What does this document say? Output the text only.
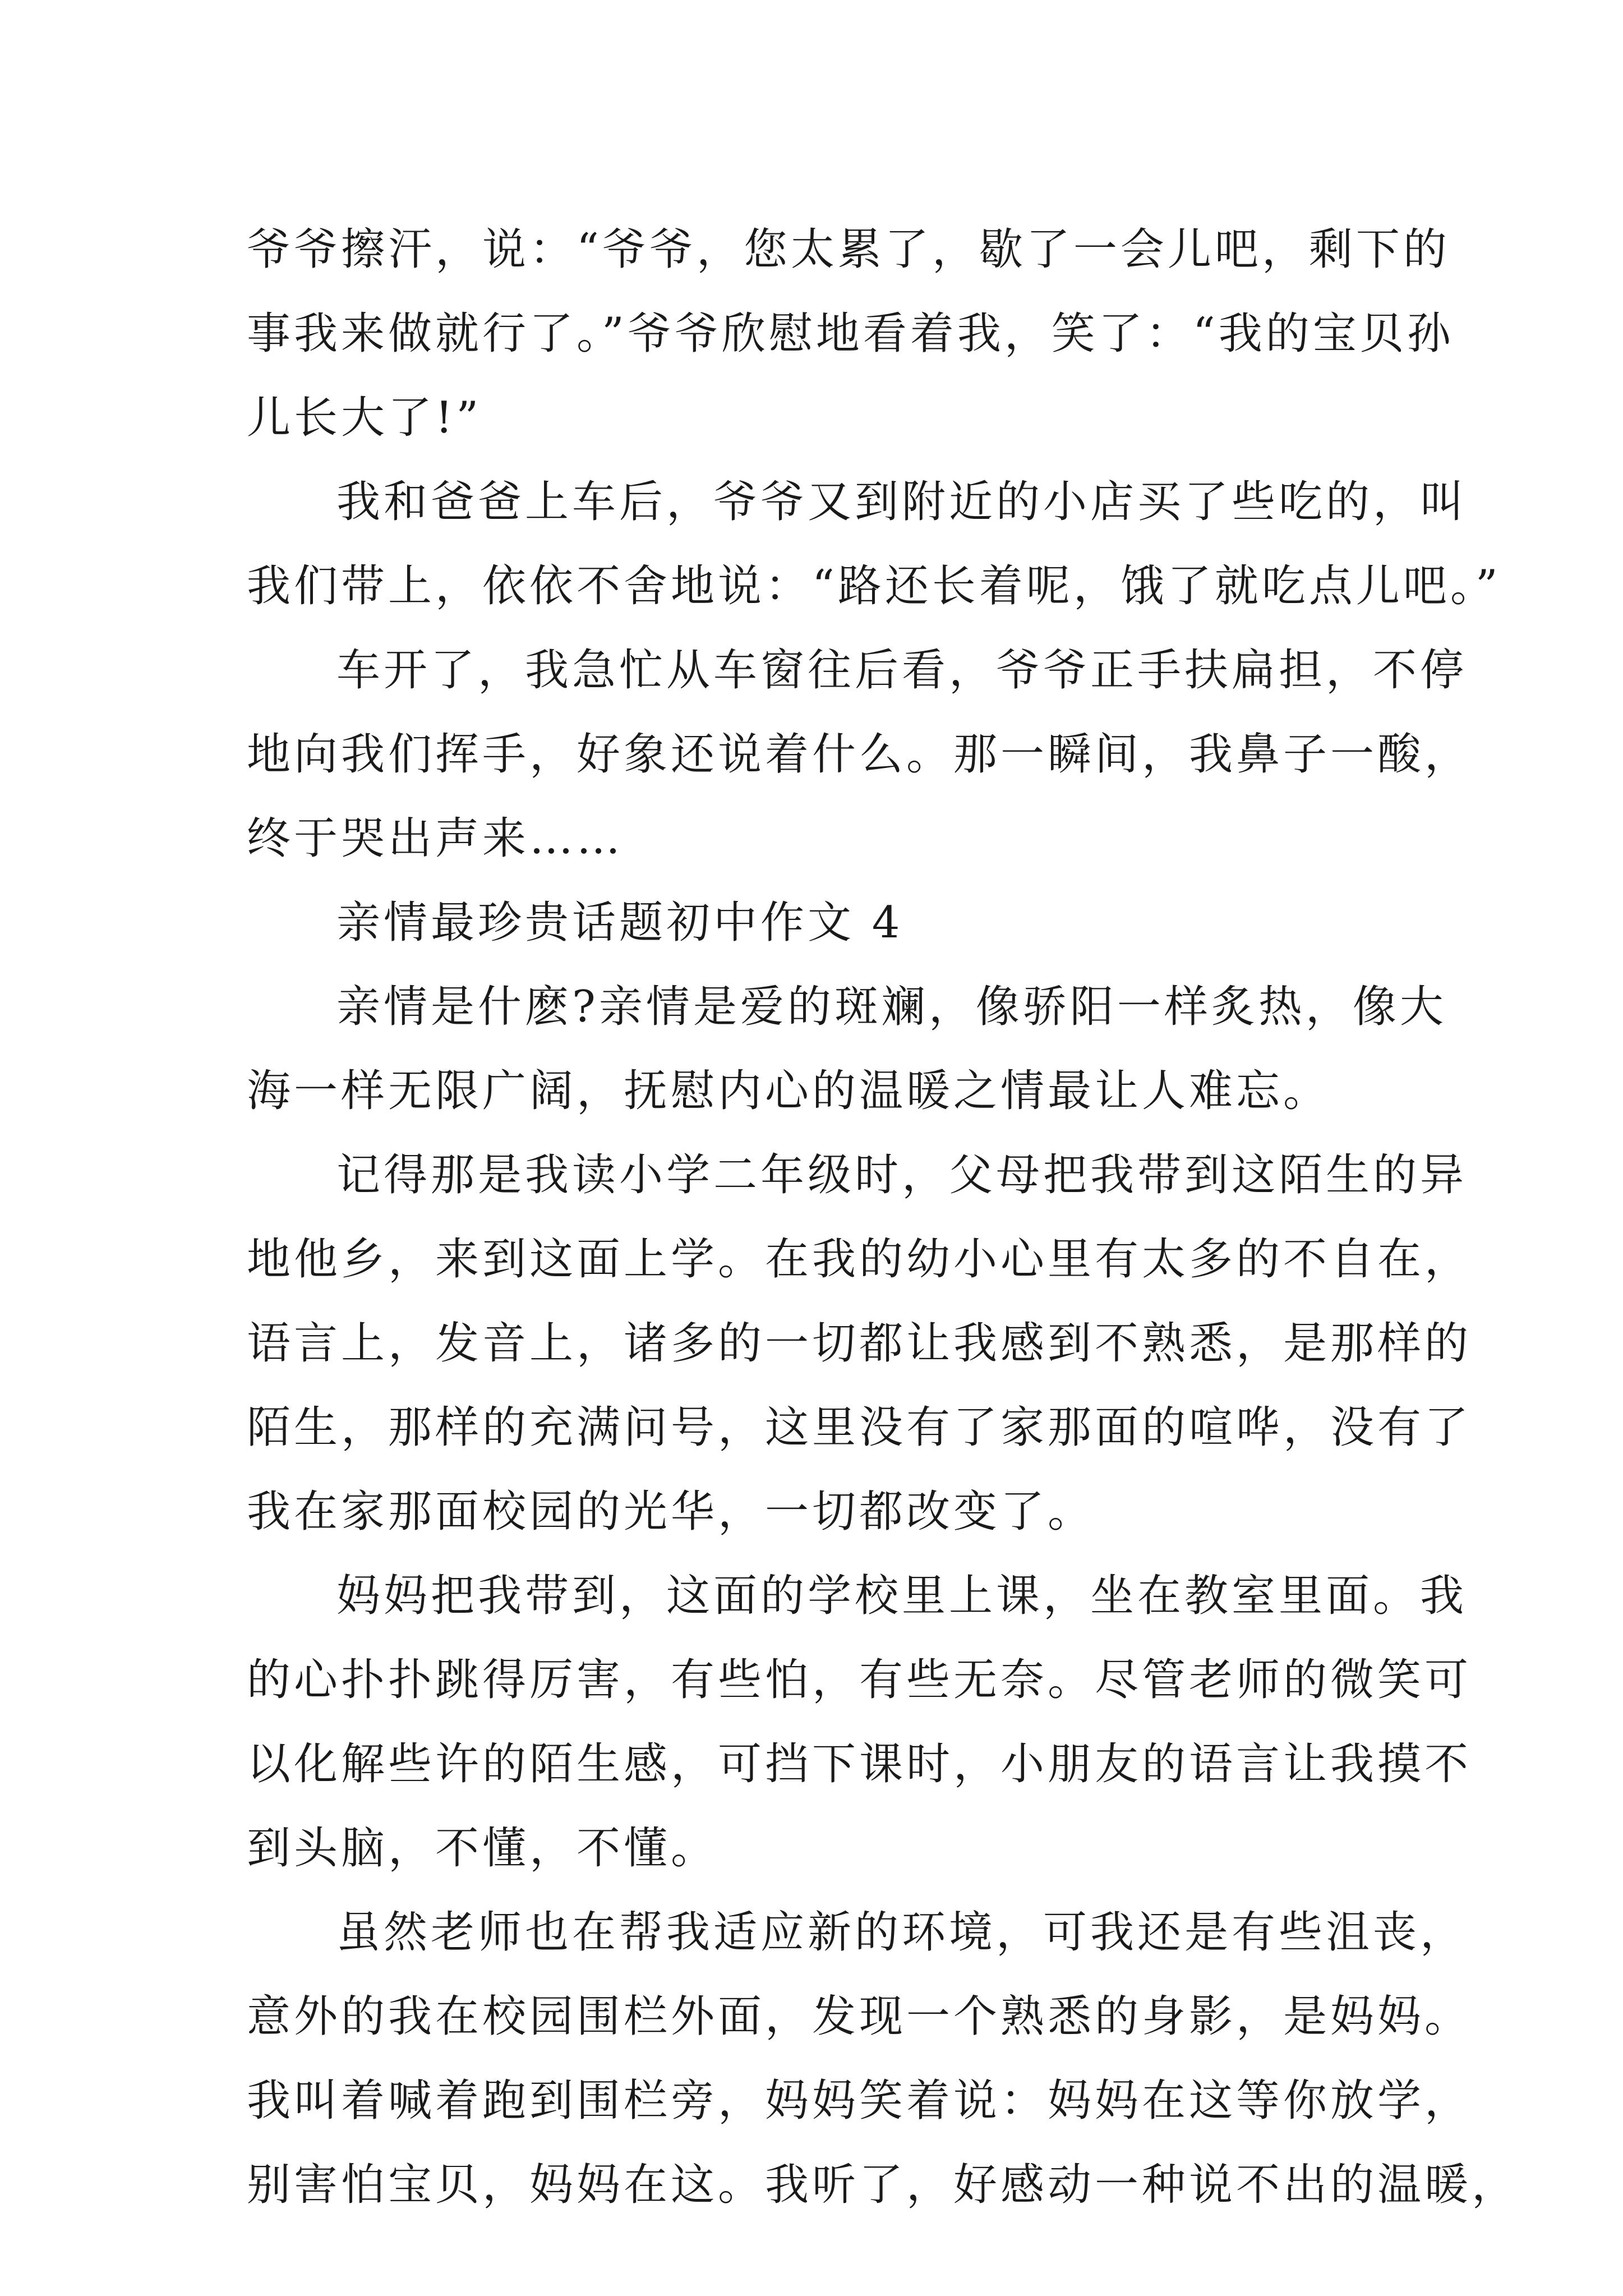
爷爷擦汗，说：“爷爷，您太累了，歇了一会儿吧，剩下的
事我来做就行了。”爷爷欣慰地看着我，笑了：“我的宝贝孙
儿长大了!”
我和爸爸上车后，爷爷又到附近的小店买了些吃的，叫
我们带上，依依不舍地说：“路还长着呢，饿了就吃点儿吧。”
车开了，我急忙从车窗往后看，爷爷正手扶扁担，不停
地向我们挥手，好象还说着什么。那一瞬间，我鼻子一酸，
终于哭出声来……
亲情最珍贵话题初中作文 4
亲情是什麽?亲情是爱的斑斓，像骄阳一样炙热，像大
海一样无限广阔，抚慰内心的温暖之情最让人难忘。
记得那是我读小学二年级时，父母把我带到这陌生的异
地他乡，来到这面上学。在我的幼小心里有太多的不自在，
语言上，发音上，诸多的一切都让我感到不熟悉，是那样的
陌生，那样的充满问号，这里没有了家那面的喧哗，没有了
我在家那面校园的光华，一切都改变了。
妈妈把我带到，这面的学校里上课，坐在教室里面。我
的心扑扑跳得厉害，有些怕，有些无奈。尽管老师的微笑可
以化解些许的陌生感，可挡下课时，小朋友的语言让我摸不
到头脑，不懂，不懂。
虽然老师也在帮我适应新的环境，可我还是有些沮丧，
意外的我在校园围栏外面，发现一个熟悉的身影，是妈妈。
我叫着喊着跑到围栏旁，妈妈笑着说：妈妈在这等你放学，
别害怕宝贝，妈妈在这。我听了，好感动一种说不出的温暖，
